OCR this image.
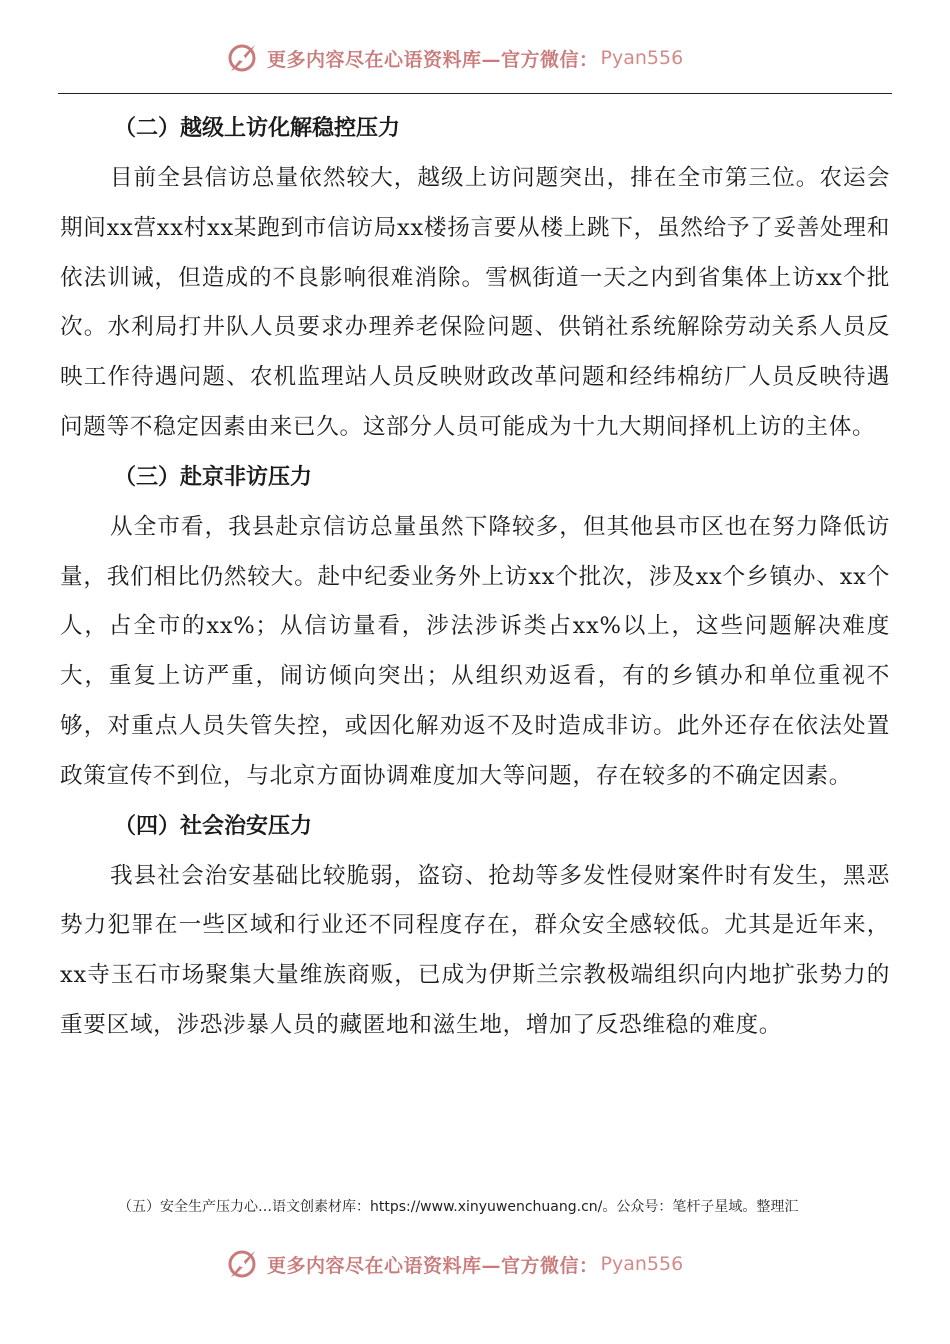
更多内容尽在心语资料库—官方微信： Pyan556

（二）越级上访化解稳控压力

目前全县信访总量依然较大，越级上访问题突出，排在全市第三位。农运会期间xx营xx村xx某跑到市信访局xx楼扬言要从楼上跳下，虽然给予了妥善处理和依法训诫，但造成的不良影响很难消除。雪枫街道一天之内到省集体上访xx个批次。水利局打井队人员要求办理养老保险问题、供销社系统解除劳动关系人员反映工作待遇问题、农机监理站人员反映财政改革问题和经纬棉纺厂人员反映待遇问题等不稳定因素由来已久。这部分人员可能成为十九大期间择机上访的主体。

（三）赴京非访压力

从全市看，我县赴京信访总量虽然下降较多，但其他县市区也在努力降低访量，我们相比仍然较大。赴中纪委业务外上访xx个批次，涉及xx个乡镇办、xx个人，占全市的xx%；从信访量看，涉法涉诉类占xx%以上，这些问题解决难度大，重复上访严重，闹访倾向突出；从组织劝返看，有的乡镇办和单位重视不够，对重点人员失管失控，或因化解劝返不及时造成非访。此外还存在依法处置政策宣传不到位，与北京方面协调难度加大等问题，存在较多的不确定因素。

（四）社会治安压力

我县社会治安基础比较脆弱，盗窃、抢劫等多发性侵财案件时有发生，黑恶势力犯罪在一些区域和行业还不同程度存在，群众安全感较低。尤其是近年来，xx寺玉石市场聚集大量维族商贩，已成为伊斯兰宗教极端组织向内地扩张势力的重要区域，涉恐涉暴人员的藏匿地和滋生地，增加了反恐维稳的难度。

（五）安全生产压力心…语文创素材库：https://www.xinyuwenchuang.cn/。公众号：笔杆子星域。整理汇
更多内容尽在心语资料库—官方微信： Pyan556
